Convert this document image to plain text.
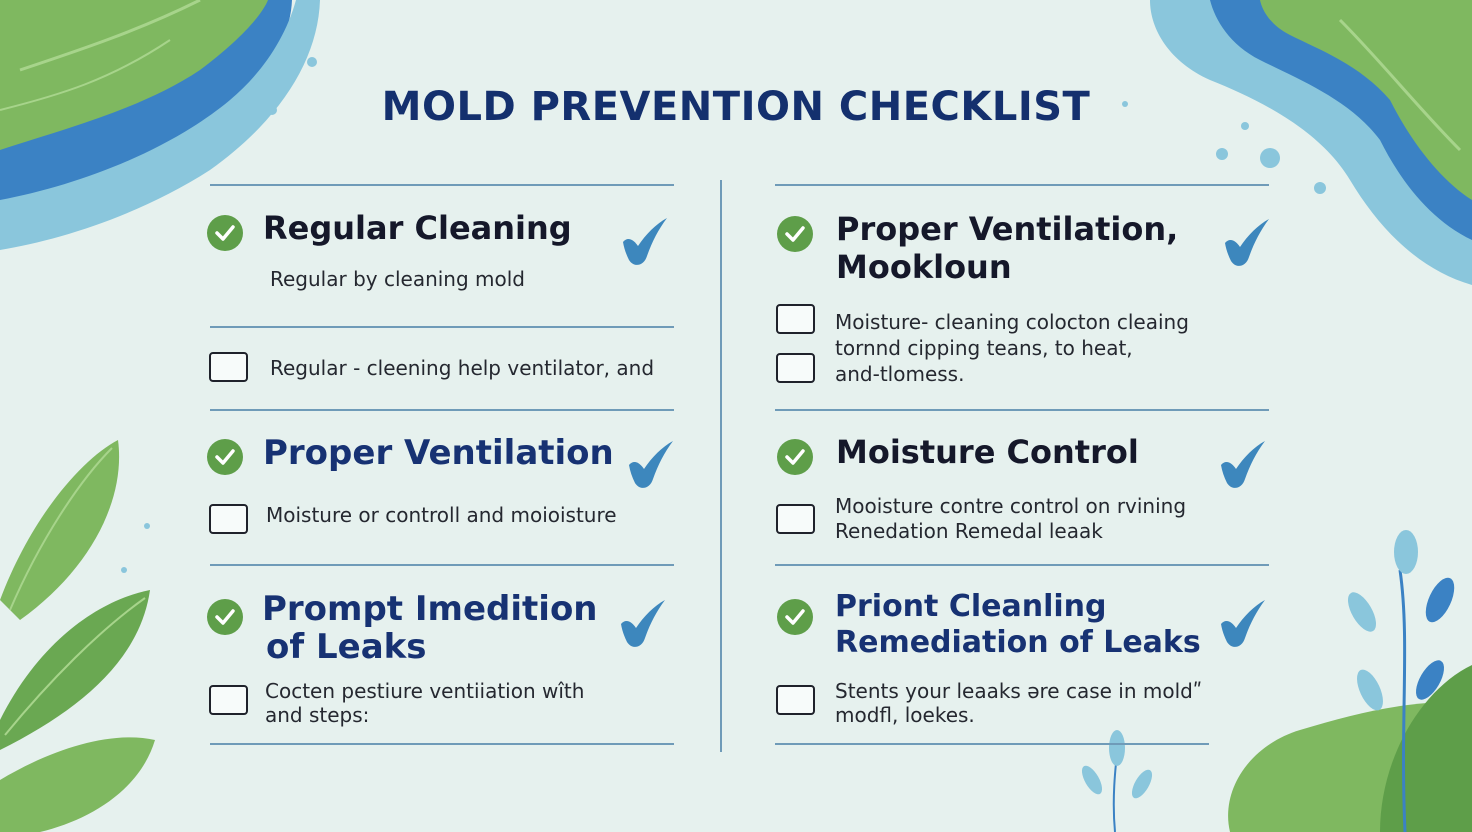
MOLD PREVENTION CHECKLIST

Regular Cleaning

Regular by cleaning mold
Regular - cleening help ventilator, and

Proper Ventilation

Moisture or controll and moioisture

Prompt Imedition
of Leaks

Cocten pestiure ventiiation wîth
and steps:

Proper Ventilation,
Mookloun

Moisture- cleaning colocton cleaing
tornnd cipping teans, to heat,
and-tlomess.

Moisture Control

Mooisture contre control on rvining
Renedation Remedal leaak

Priont Cleanling
Remediation of Leaks

Stents your leaaks əre case in moldʺ
modfl, loekes.
